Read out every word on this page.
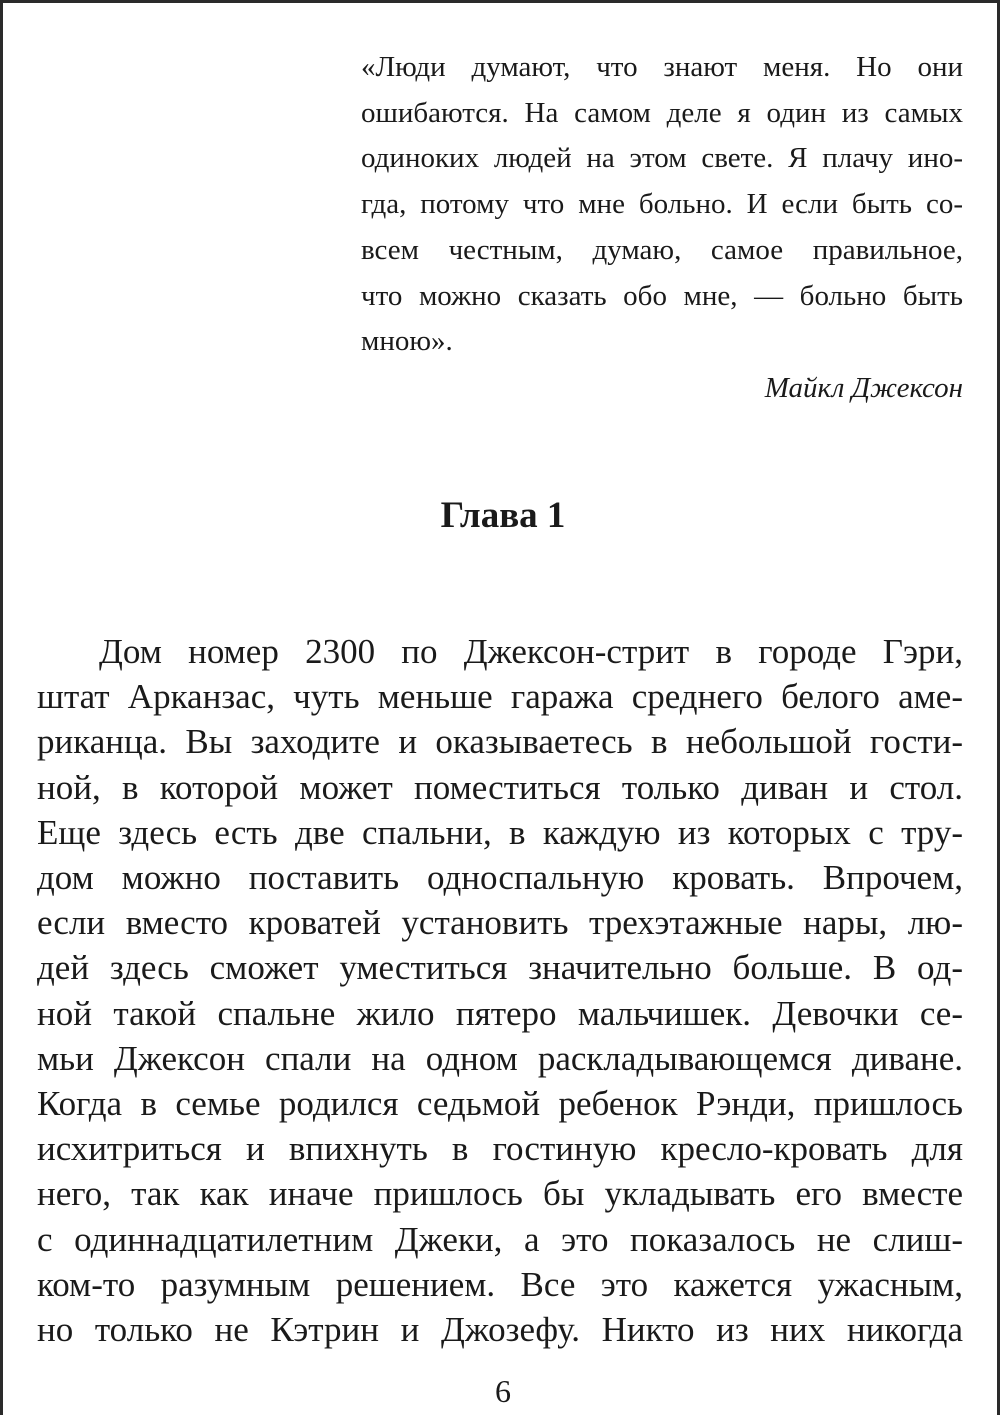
«Люди думают, что знают меня. Но они
ошибаются. На самом деле я один из самых
одиноких людей на этом свете. Я плачу ино-
гда, потому что мне больно. И если быть со-
всем честным, думаю, самое правильное,
что можно сказать обо мне, — больно быть
мною».
Майкл Джексон
Глава 1
Дом номер 2300 по Джексон-стрит в городе Гэри,
штат Арканзас, чуть меньше гаража среднего белого аме-
риканца. Вы заходите и оказываетесь в небольшой гости-
ной, в которой может поместиться только диван и стол.
Еще здесь есть две спальни, в каждую из которых с тру-
дом можно поставить односпальную кровать. Впрочем,
если вместо кроватей установить трехэтажные нары, лю-
дей здесь сможет уместиться значительно больше. В од-
ной такой спальне жило пятеро мальчишек. Девочки се-
мьи Джексон спали на одном раскладывающемся диване.
Когда в семье родился седьмой ребенок Рэнди, пришлось
исхитриться и впихнуть в гостиную кресло-кровать для
него, так как иначе пришлось бы укладывать его вместе
с одиннадцатилетним Джеки, а это показалось не слиш-
ком-то разумным решением. Все это кажется ужасным,
но только не Кэтрин и Джозефу. Никто из них никогда
6
